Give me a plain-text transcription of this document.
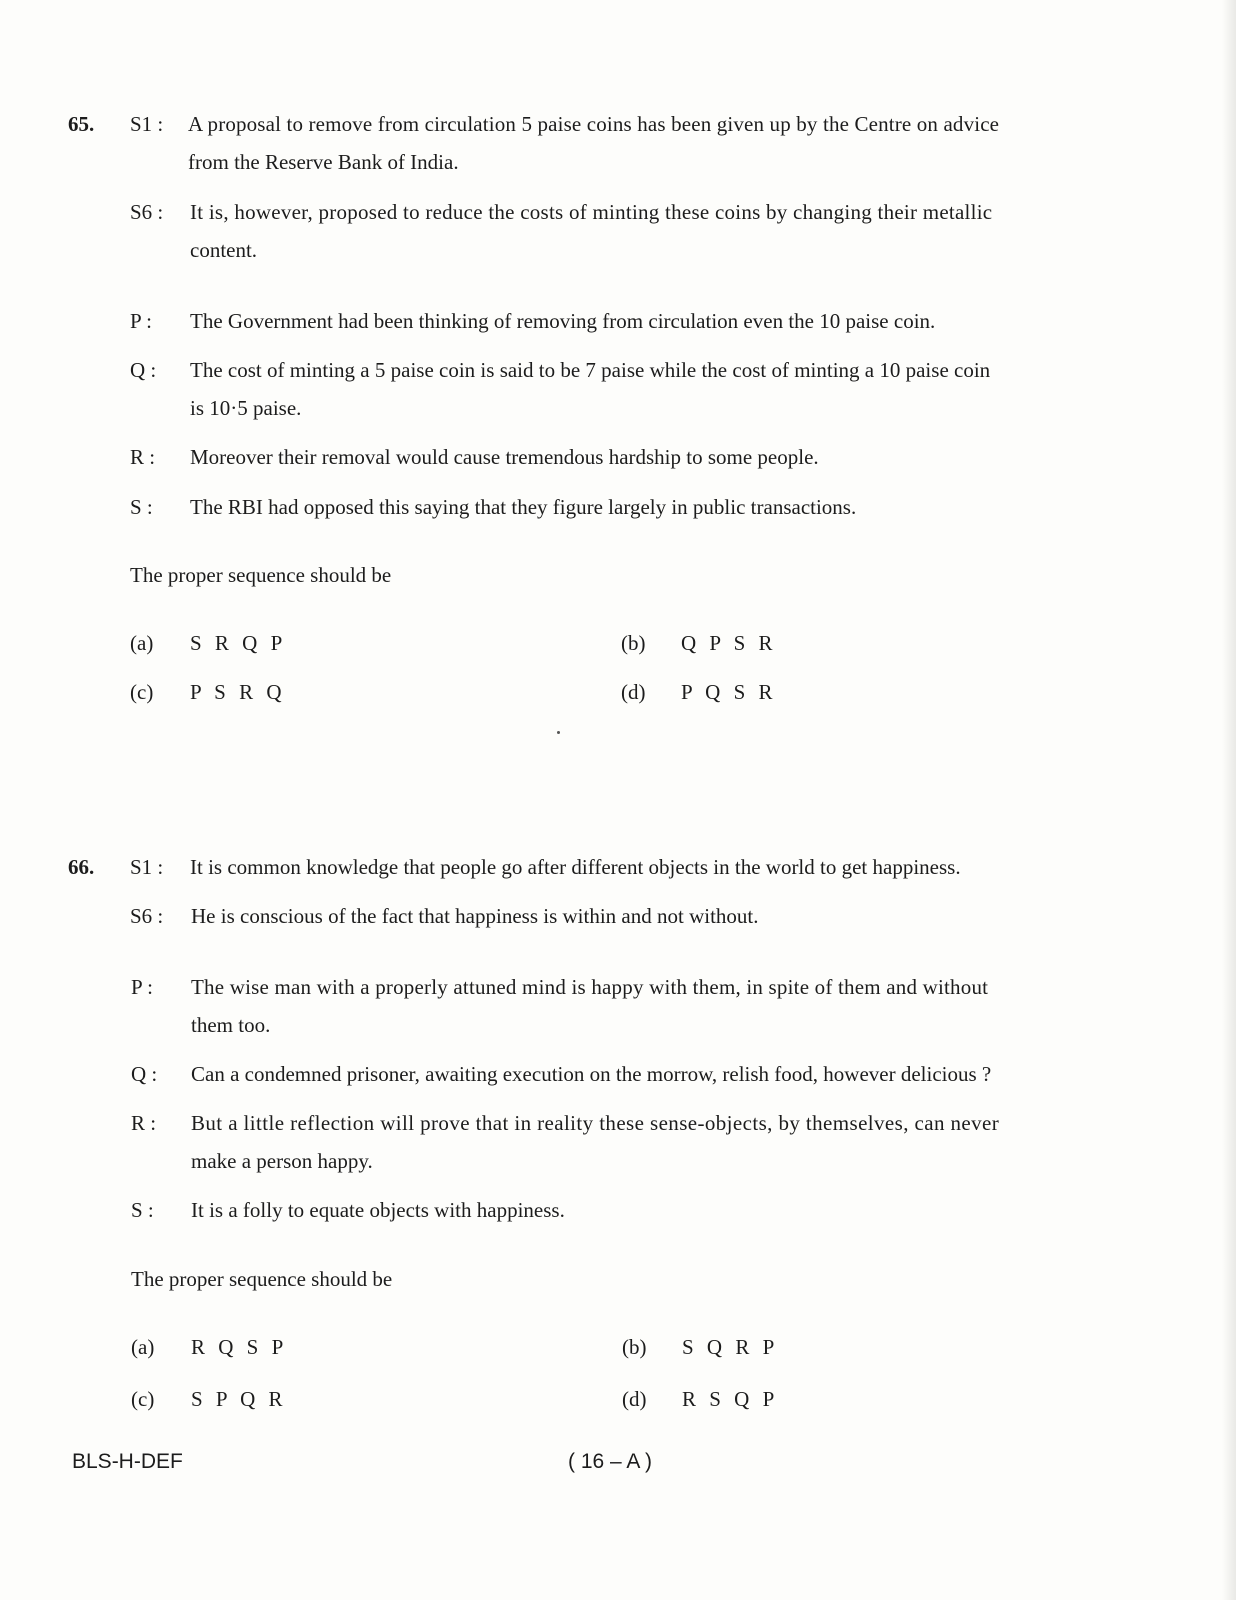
65. S1 : A proposal to remove from circulation 5 paise coins has been given up by the Centre on advice
from the Reserve Bank of India.
S6 : It is, however, proposed to reduce the costs of minting these coins by changing their metallic
content.
P : The Government had been thinking of removing from circulation even the 10 paise coin.
Q : The cost of minting a 5 paise coin is said to be 7 paise while the cost of minting a 10 paise coin
is 10·5 paise.
R : Moreover their removal would cause tremendous hardship to some people.
S : The RBI had opposed this saying that they figure largely in public transactions.
The proper sequence should be
(a) S R Q P	(b) Q P S R
(c) P S R Q	(d) P Q S R
66. S1 : It is common knowledge that people go after different objects in the world to get happiness.
S6 : He is conscious of the fact that happiness is within and not without.
P : The wise man with a properly attuned mind is happy with them, in spite of them and without
them too.
Q : Can a condemned prisoner, awaiting execution on the morrow, relish food, however delicious ?
R : But a little reflection will prove that in reality these sense-objects, by themselves, can never
make a person happy.
S : It is a folly to equate objects with happiness.
The proper sequence should be
(a) R Q S P	(b) S Q R P
(c) S P Q R	(d) R S Q P
BLS-H-DEF	( 16 – A )
